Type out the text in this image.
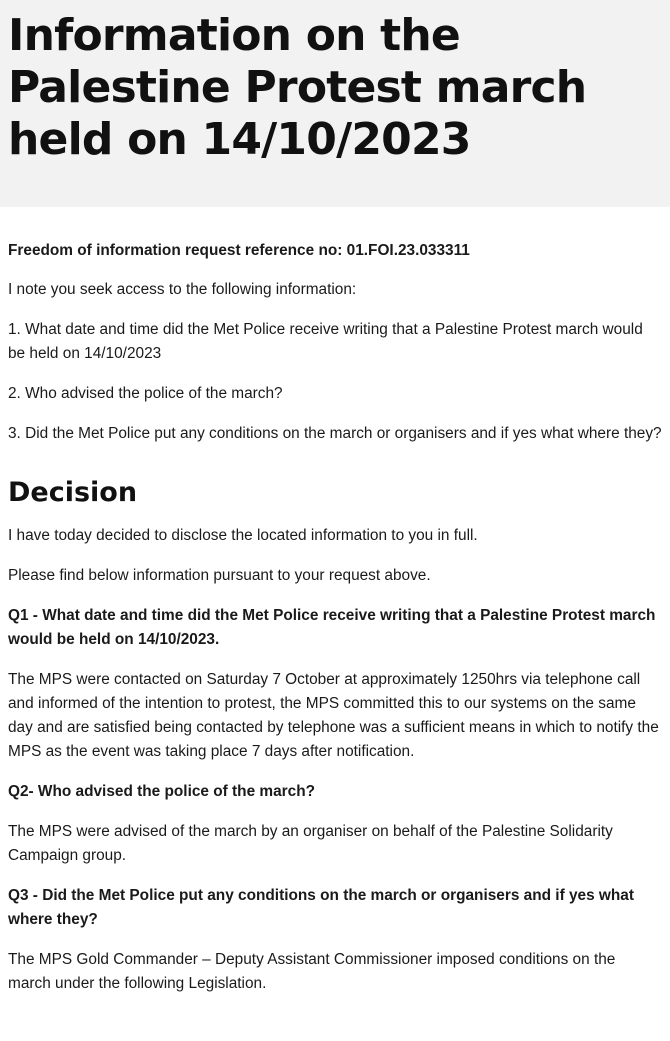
Information on the Palestine Protest march held on 14/10/2023

Freedom of information request reference no: 01.FOI.23.033311

I note you seek access to the following information:

1. What date and time did the Met Police receive writing that a Palestine Protest march would be held on 14/10/2023

2. Who advised the police of the march?

3. Did the Met Police put any conditions on the march or organisers and if yes what where they?

Decision

I have today decided to disclose the located information to you in full.

Please find below information pursuant to your request above.

Q1 - What date and time did the Met Police receive writing that a Palestine Protest march would be held on 14/10/2023.

The MPS were contacted on Saturday 7 October at approximately 1250hrs via telephone call and informed of the intention to protest, the MPS committed this to our systems on the same day and are satisfied being contacted by telephone was a sufficient means in which to notify the MPS as the event was taking place 7 days after notification.

Q2- Who advised the police of the march?

The MPS were advised of the march by an organiser on behalf of the Palestine Solidarity Campaign group.

Q3 - Did the Met Police put any conditions on the march or organisers and if yes what where they?

The MPS Gold Commander – Deputy Assistant Commissioner imposed conditions on the march under the following Legislation.
